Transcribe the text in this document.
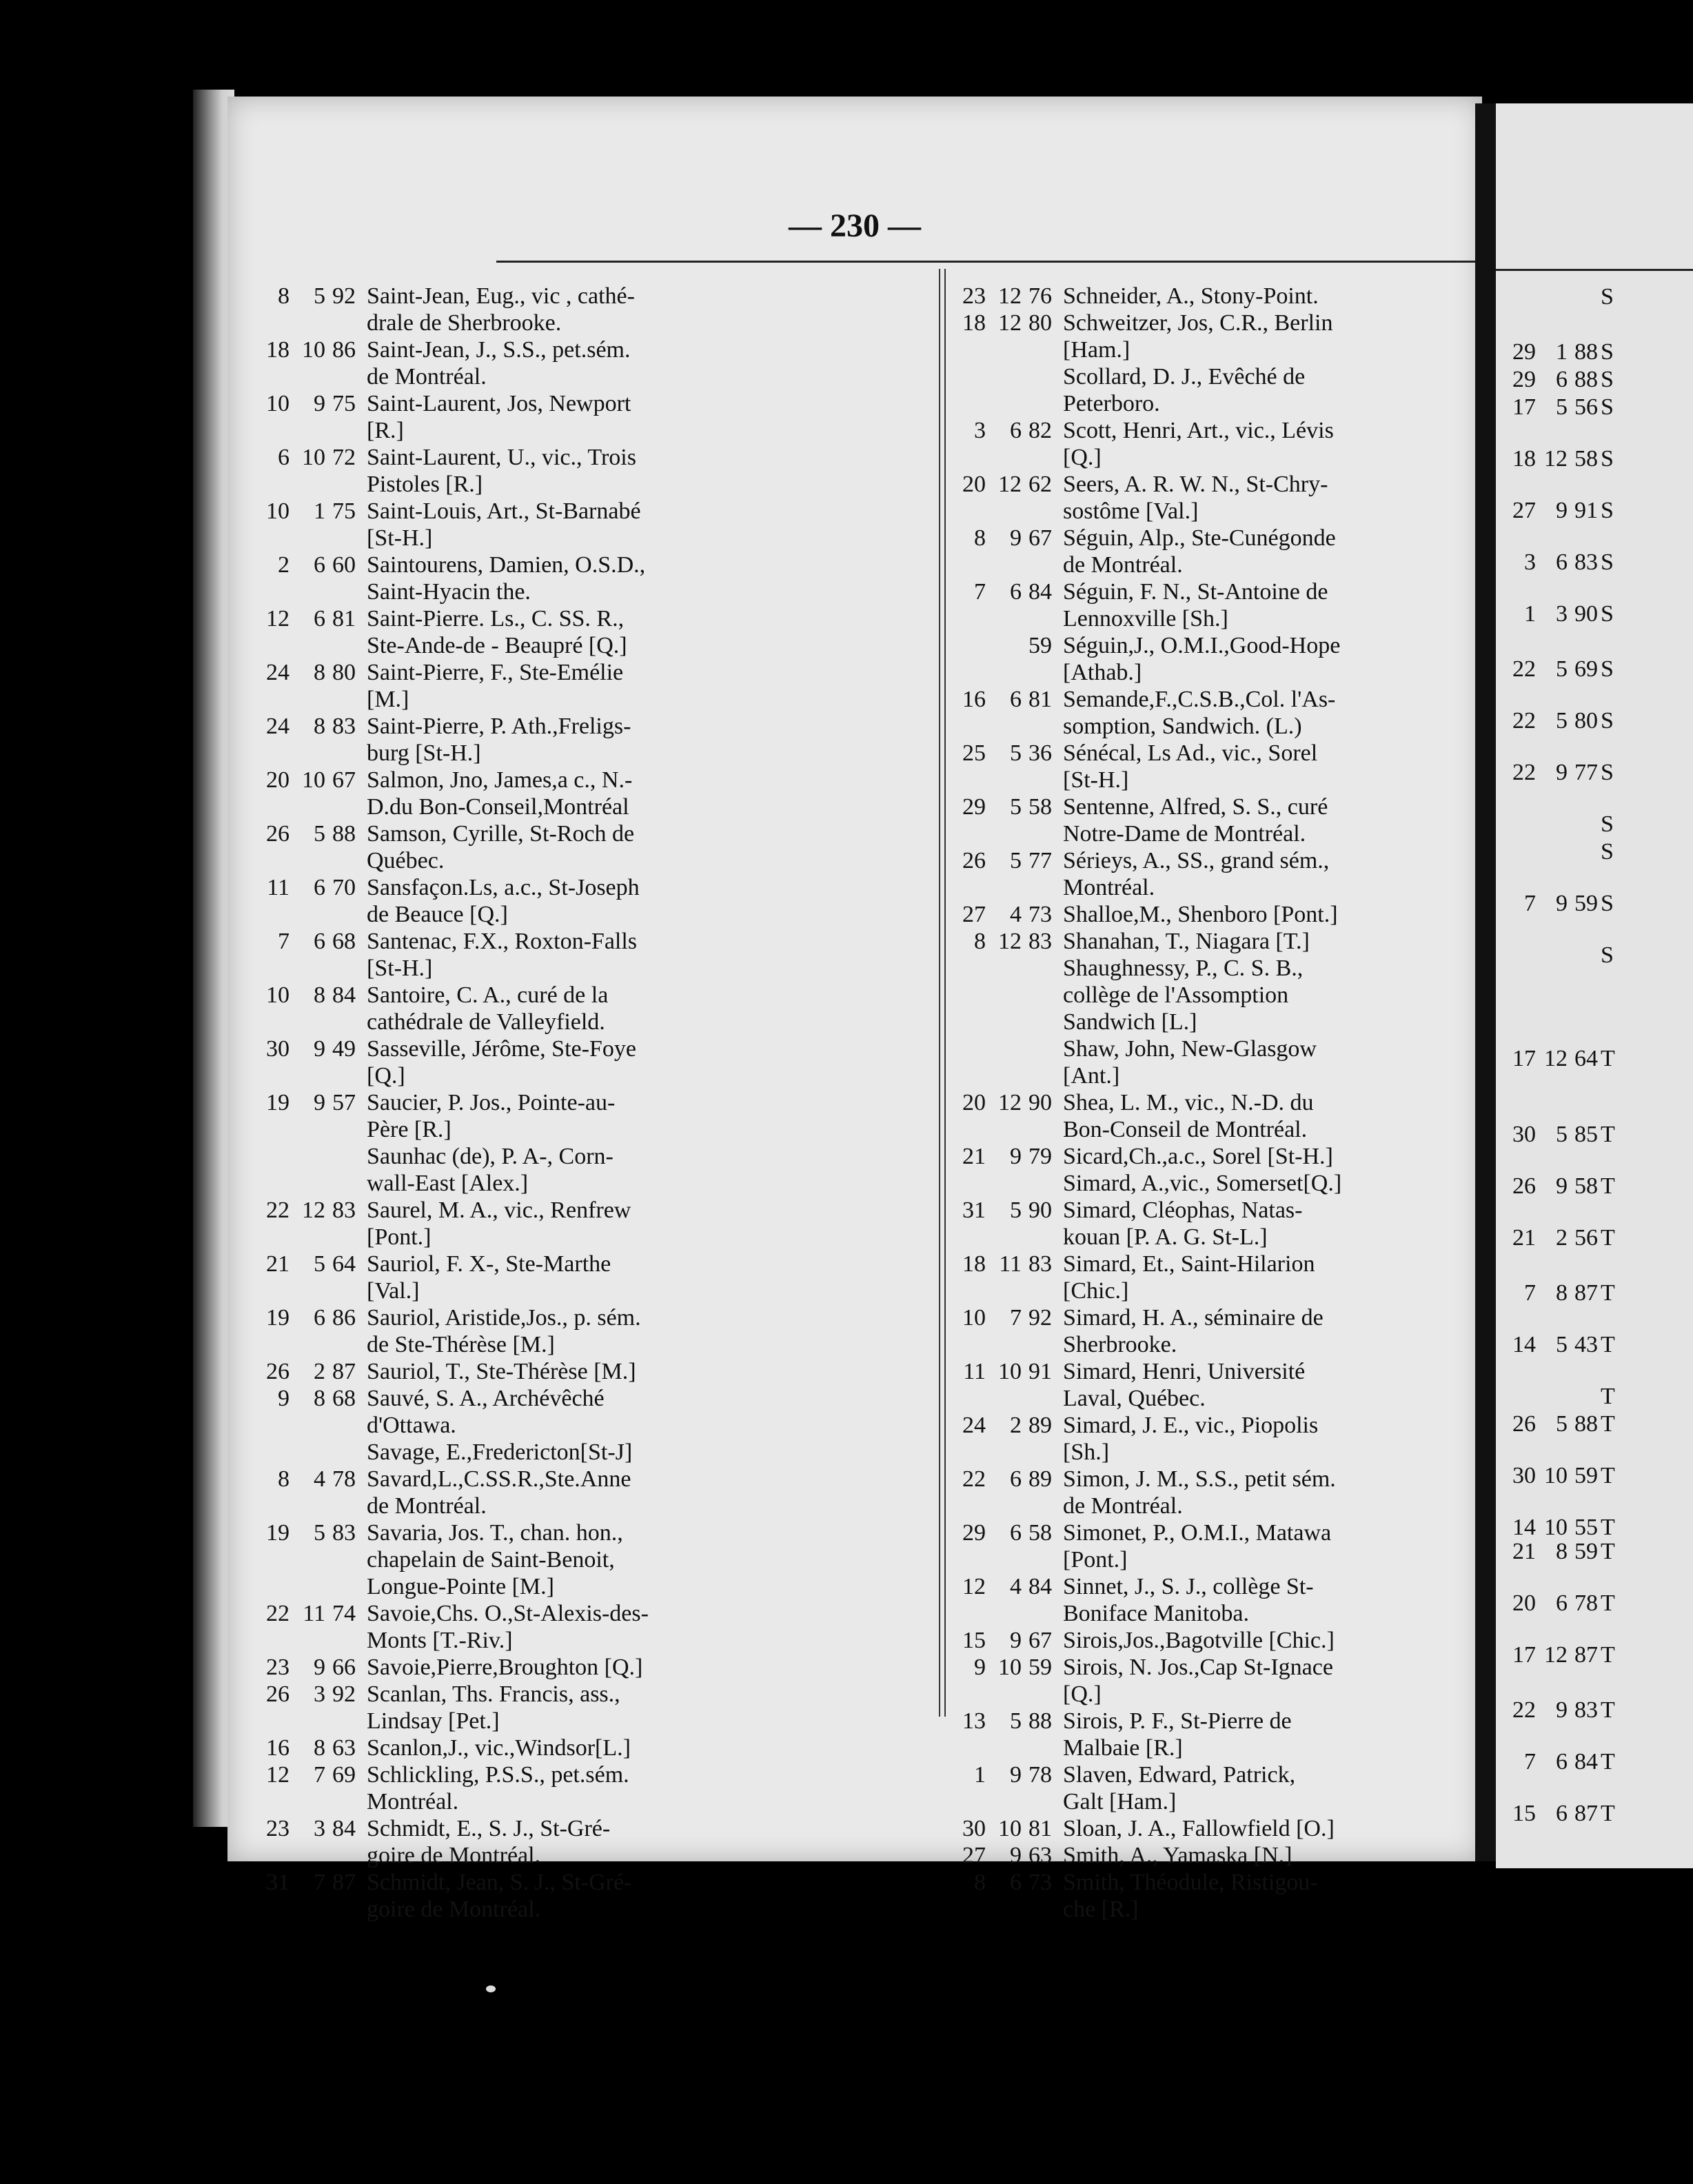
— 230 —
8	5 92 Saint-Jean, Eug., vic , cathé-
drale de Sherbrooke.
18 10 86 Saint-Jean, J., S.S., pet.sém.
de Montréal.
10	9 75 Saint-Laurent, Jos, Newport
[R.]
6 10 72 Saint-Laurent, U., vic., Trois
Pistoles [R.]
10	1 75 Saint-Louis, Art., St-Barnabé
[St-H.]
2	6 60 Saintourens, Damien, O.S.D.,
Saint-Hyacin the.
12	6 81 Saint-Pierre. Ls., C. SS. R.,
Ste-Ande-de - Beaupré [Q.]
24	8 80 Saint-Pierre, F., Ste-Emélie
[M.]
24	8 83 Saint-Pierre, P. Ath.,Freligs-
burg [St-H.]
20 10 67 Salmon, Jno, James,a c., N.-
D.du Bon-Conseil,Montréal
26	5 88 Samson, Cyrille, St-Roch de
Québec.
11	6 70 Sansfaçon.Ls, a.c., St-Joseph
de Beauce [Q.]
7	6 68 Santenac, F.X., Roxton-Falls
[St-H.]
10	8 84 Santoire, C. A., curé de la
cathédrale de Valleyfield.
30	9 49 Sasseville, Jérôme, Ste-Foye
[Q.]
19	9 57 Saucier, P. Jos., Pointe-au-
Père [R.]
Saunhac (de), P. A-, Corn-
wall-East [Alex.]
22 12 83 Saurel, M. A., vic., Renfrew
[Pont.]
21	5 64 Sauriol, F. X-, Ste-Marthe
[Val.]
19	6 86 Sauriol, Aristide,Jos., p. sém.
de Ste-Thérèse [M.]
26	2 87 Sauriol, T., Ste-Thérèse [M.]
9	8 68 Sauvé, S. A., Archévêché
d'Ottawa.
Savage, E.,Fredericton[St-J]
8	4 78 Savard,L.,C.SS.R.,Ste.Anne
de Montréal.
19	5 83 Savaria, Jos. T., chan. hon.,
chapelain de Saint-Benoit,
Longue-Pointe [M.]
22 11 74 Savoie,Chs. O.,St-Alexis-des-
Monts [T.-Riv.]
23	9 66 Savoie,Pierre,Broughton [Q.]
26	3 92 Scanlan, Ths. Francis, ass.,
Lindsay [Pet.]
16	8 63 Scanlon,J., vic.,Windsor[L.]
12	7 69 Schlickling, P.S.S., pet.sém.
Montréal.
23	3 84 Schmidt, E., S. J., St-Gré-
goire de Montréal.
31	7 87 Schmidt, Jean, S. J., St-Gré-
goire de Montréal.
23 12 76 Schneider, A., Stony-Point.
18 12 80 Schweitzer, Jos, C.R., Berlin
[Ham.]
Scollard, D. J., Evêché de
Peterboro.
3	6 82 Scott, Henri, Art., vic., Lévis
[Q.]
20 12 62 Seers, A. R. W. N., St-Chry-
sostôme [Val.]
8	9 67 Séguin, Alp., Ste-Cunégonde
de Montréal.
7	6 84 Séguin, F. N., St-Antoine de
Lennoxville [Sh.]
59 Séguin,J., O.M.I.,Good-Hope
[Athab.]
16	6 81 Semande,F.,C.S.B.,Col. l'As-
somption, Sandwich. (L.)
25	5 36 Sénécal, Ls Ad., vic., Sorel
[St-H.]
29	5 58 Sentenne, Alfred, S. S., curé
Notre-Dame de Montréal.
26	5 77 Sérieys, A., SS., grand sém.,
Montréal.
27	4 73 Shalloe,M., Shenboro [Pont.]
8 12 83 Shanahan, T., Niagara [T.]
Shaughnessy, P., C. S. B.,
collège de l'Assomption
Sandwich [L.]
Shaw, John, New-Glasgow
[Ant.]
20 12 90 Shea, L. M., vic., N.-D. du
Bon-Conseil de Montréal.
21	9 79 Sicard,Ch.,a.c., Sorel [St-H.]
Simard, A.,vic., Somerset[Q.]
31	5 90 Simard, Cléophas, Natas-
kouan [P. A. G. St-L.]
18 11 83 Simard, Et., Saint-Hilarion
[Chic.]
10	7 92 Simard, H. A., séminaire de
Sherbrooke.
11 10 91 Simard, Henri, Université
Laval, Québec.
24	2 89 Simard, J. E., vic., Piopolis
[Sh.]
22	6 89 Simon, J. M., S.S., petit sém.
de Montréal.
29	6 58 Simonet, P., O.M.I., Matawa
[Pont.]
12	4 84 Sinnet, J., S. J., collège St-
Boniface Manitoba.
15	9 67 Sirois,Jos.,Bagotville [Chic.]
9 10 59 Sirois, N. Jos.,Cap St-Ignace
[Q.]
13	5 88 Sirois, P. F., St-Pierre de
Malbaie [R.]
1	9 78 Slaven, Edward, Patrick,
Galt [Ham.]
30 10 81 Sloan, J. A., Fallowfield [O.]
27	9 63 Smith, A., Yamaska [N.]
8	6 73 Smith, Théodule, Ristigou-
che [R.]
S
29 1 88 S
29 6 88 S
17 5 56 S
18 12 58 S
27 9 91 S
3 6 83 S
1 3 90 S
22 5 69 S
22 5 80 S
22 9 77 S
S
S
7 9 59 S
S
17 12 64 T
30 5 85 T
26 9 58 T
21 2 56 T
7 8 87 T
14 5 43 T
T
26 5 88 T
30 10 59 T
14 10 55 T
21 8 59 T
20 6 78 T
17 12 87 T
22 9 83 T
7 6 84 T
15 6 87 T
